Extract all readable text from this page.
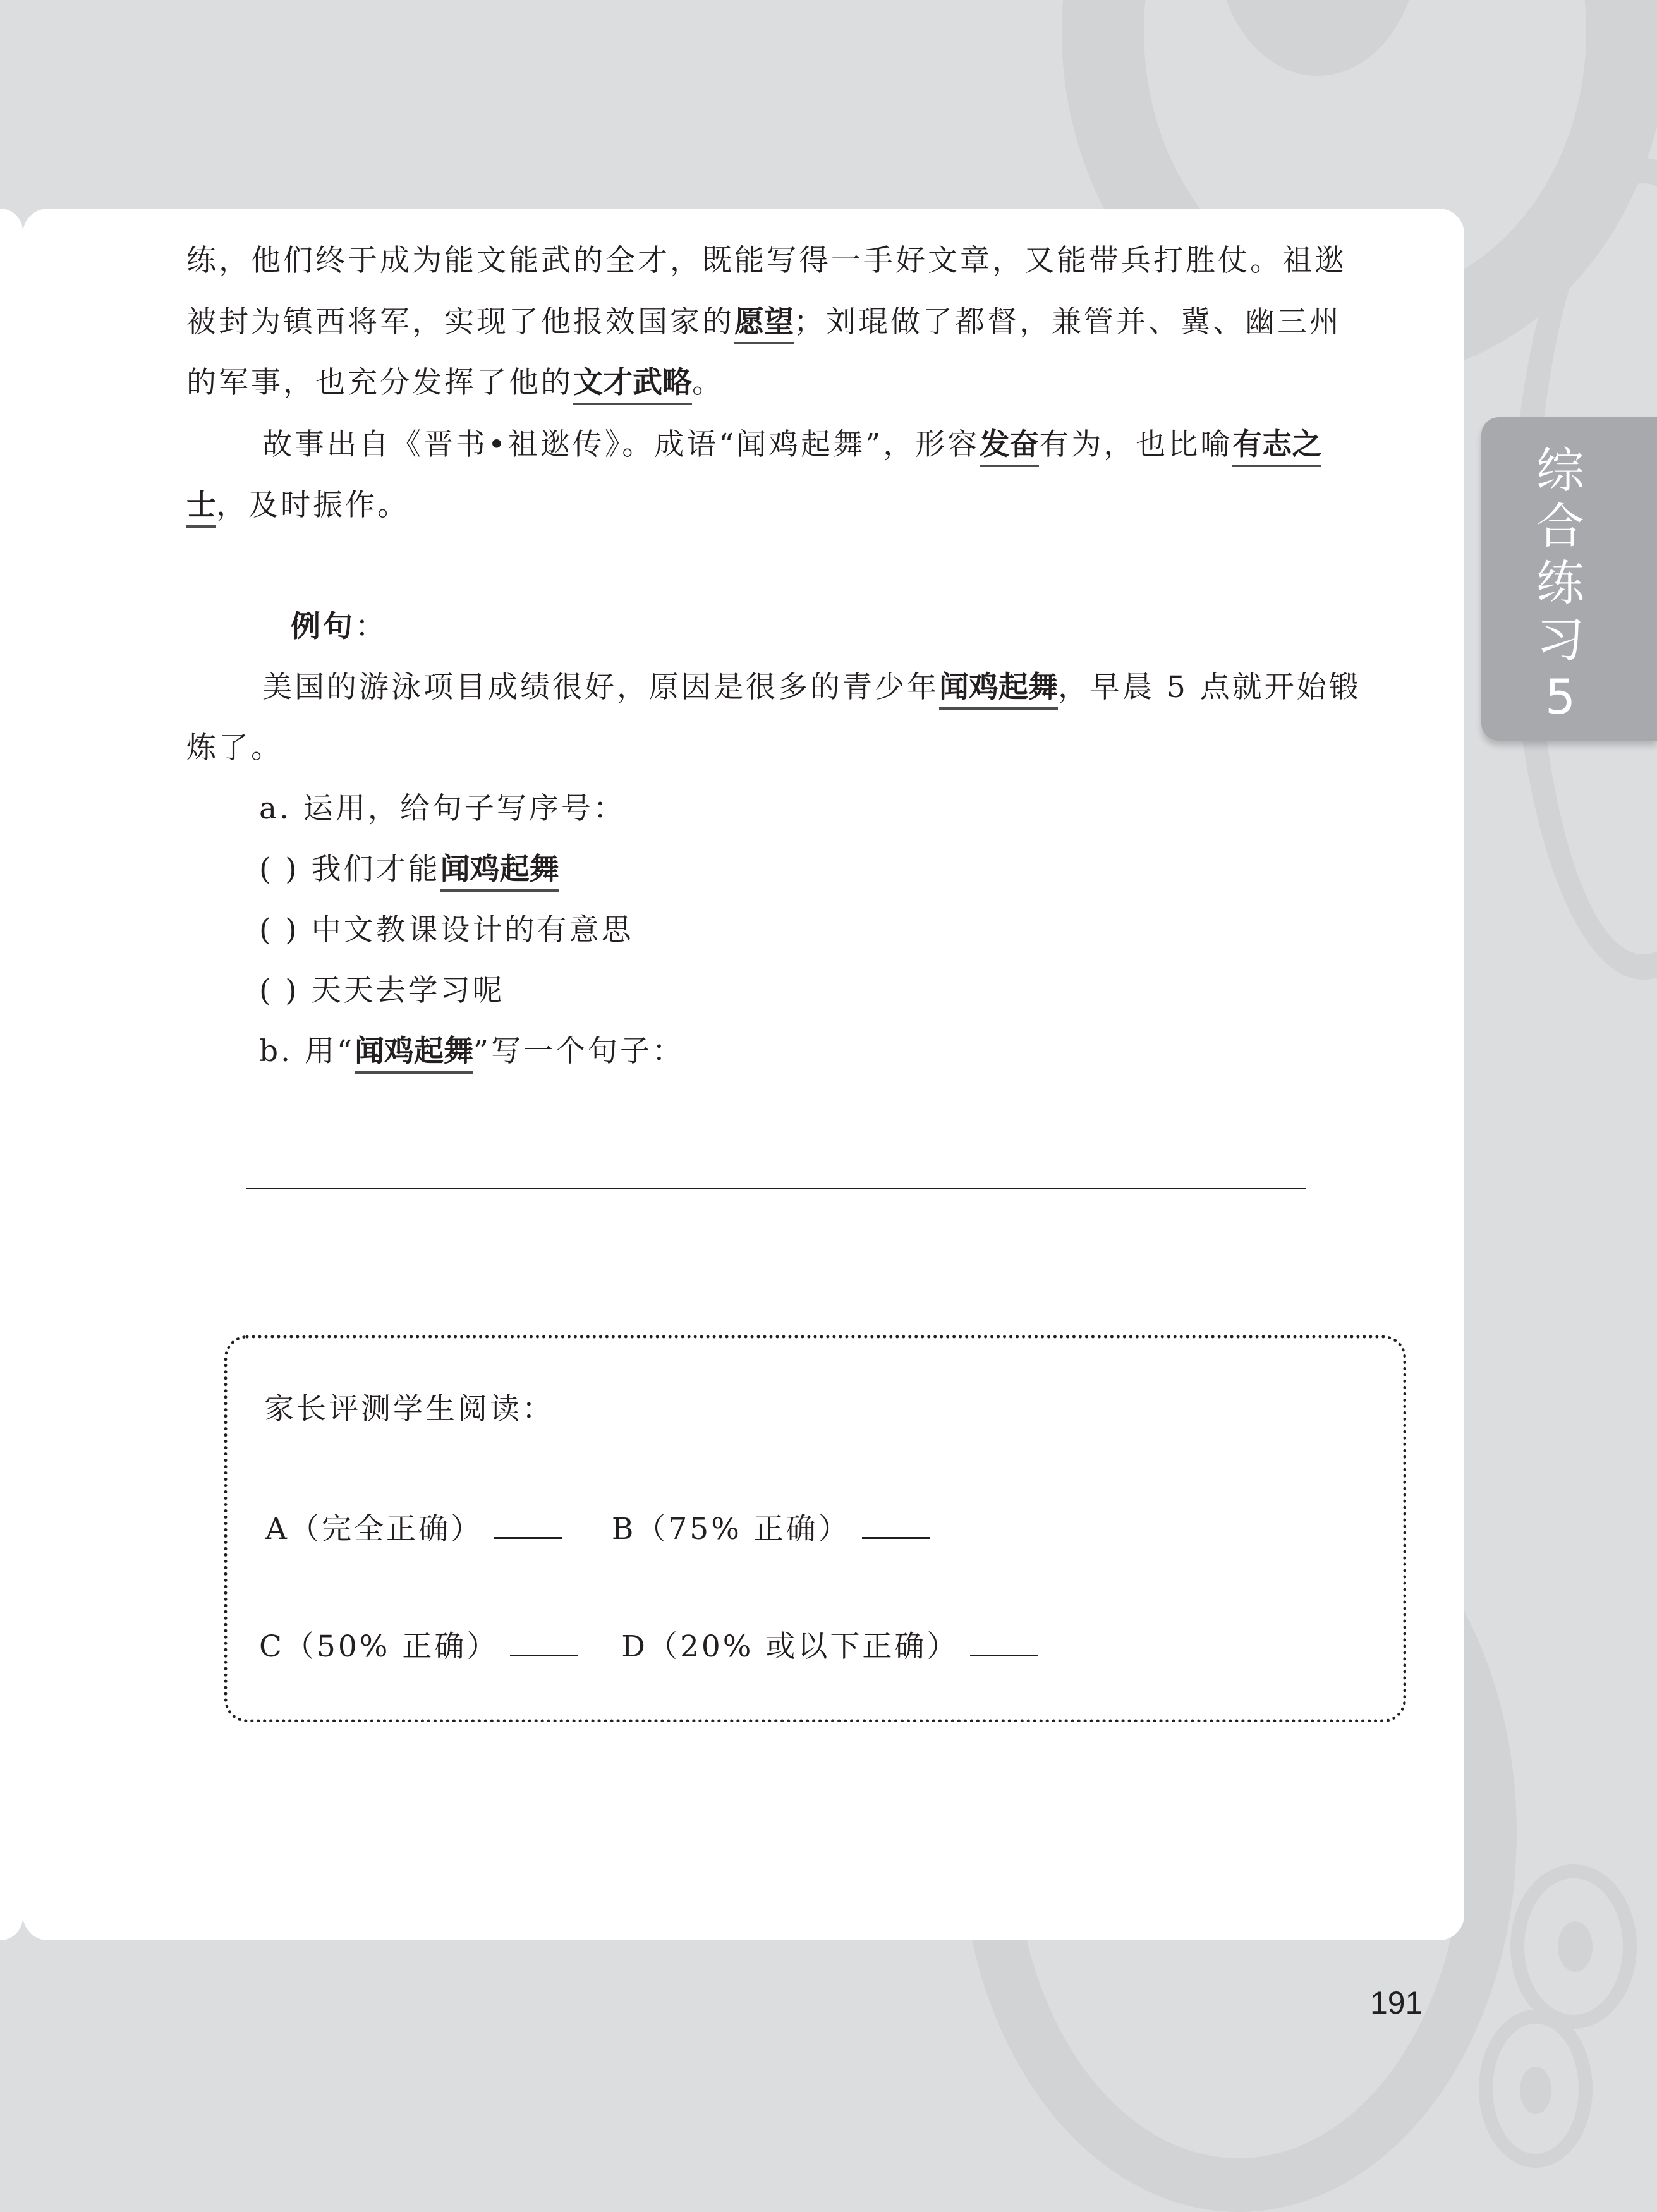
练，他们终于成为能文能武的全才，既能写得一手好文章，又能带兵打胜仗。祖逖
被封为镇西将军，实现了他报效国家的愿望；刘琨做了都督，兼管并、冀、幽三州
的军事，也充分发挥了他的文才武略。
故事出自《晋书•祖逖传》。成语“闻鸡起舞”，形容发奋有为，也比喻有志之
士，及时振作。
例句：
美国的游泳项目成绩很好，原因是很多的青少年闻鸡起舞，早晨 5 点就开始锻
炼了。
a. 运用，给句子写序号：
( ) 我们才能闻鸡起舞
( ) 中文教课设计的有意思
( ) 天天去学习呢
b. 用“闻鸡起舞”写一个句子：
家长评测学生阅读：
A（完全正确）	B（75% 正确）
C（50% 正确）	D（20% 或以下正确）
综
合
练
习
5
191
